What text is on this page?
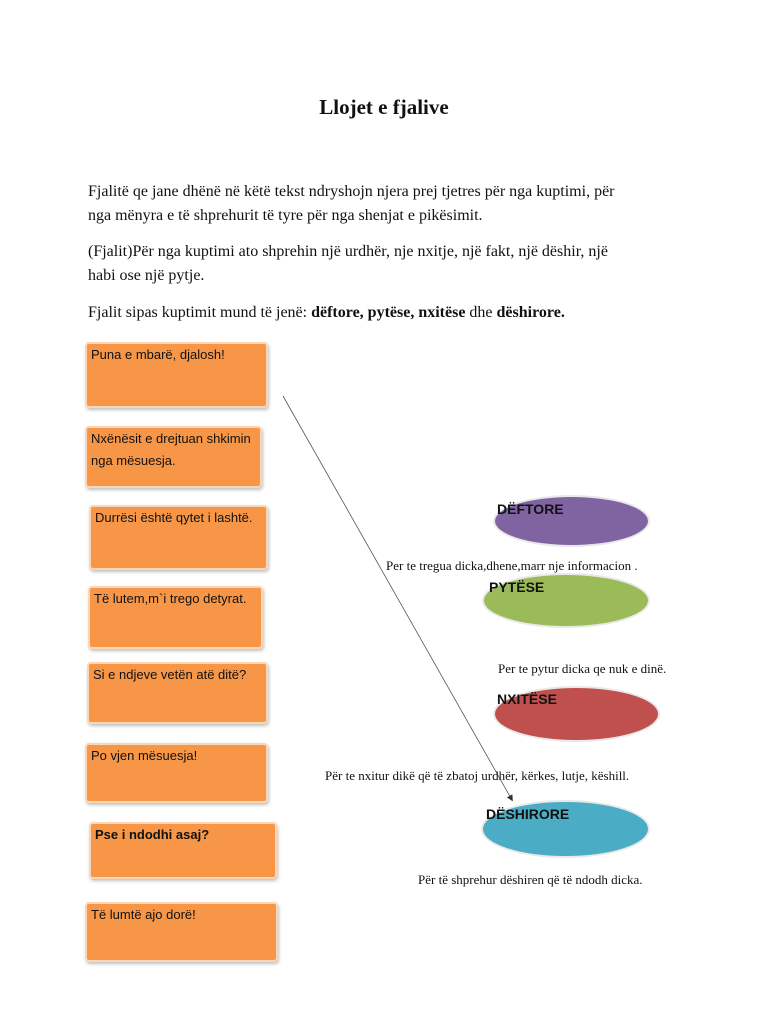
Llojet e fjalive
Fjalitë qe jane dhënë në këtë tekst ndryshojn njera prej tjetres për nga kuptimi, për
nga mënyra e të shprehurit të tyre për nga shenjat e pikësimit.
(Fjalit)Për nga kuptimi ato shprehin një urdhër, nje nxitje, një fakt, një dëshir, një
habi ose një pytje.
Fjalit sipas kuptimit mund të jenë: dëftore, pytëse, nxitëse dhe dëshirore.
Puna e mbarë, djalosh!
Nxënësit e drejtuan shkimin nga mësuesja.
Durrësi është qytet i lashtë.
Të lutem,m`i trego detyrat.
Si e ndjeve vetën atë ditë?
Po vjen mësuesja!
Pse i ndodhi asaj?
Të lumtë ajo dorë!
DËFTORE
Per te tregua dicka,dhene,marr nje informacion .
PYTËSE
Per te pytur dicka qe nuk e dinë.
NXITËSE
Për te nxitur dikë që të zbatoj urdhër, kërkes, lutje, këshill.
DËSHIRORE
Për të shprehur dëshiren që të ndodh dicka.
